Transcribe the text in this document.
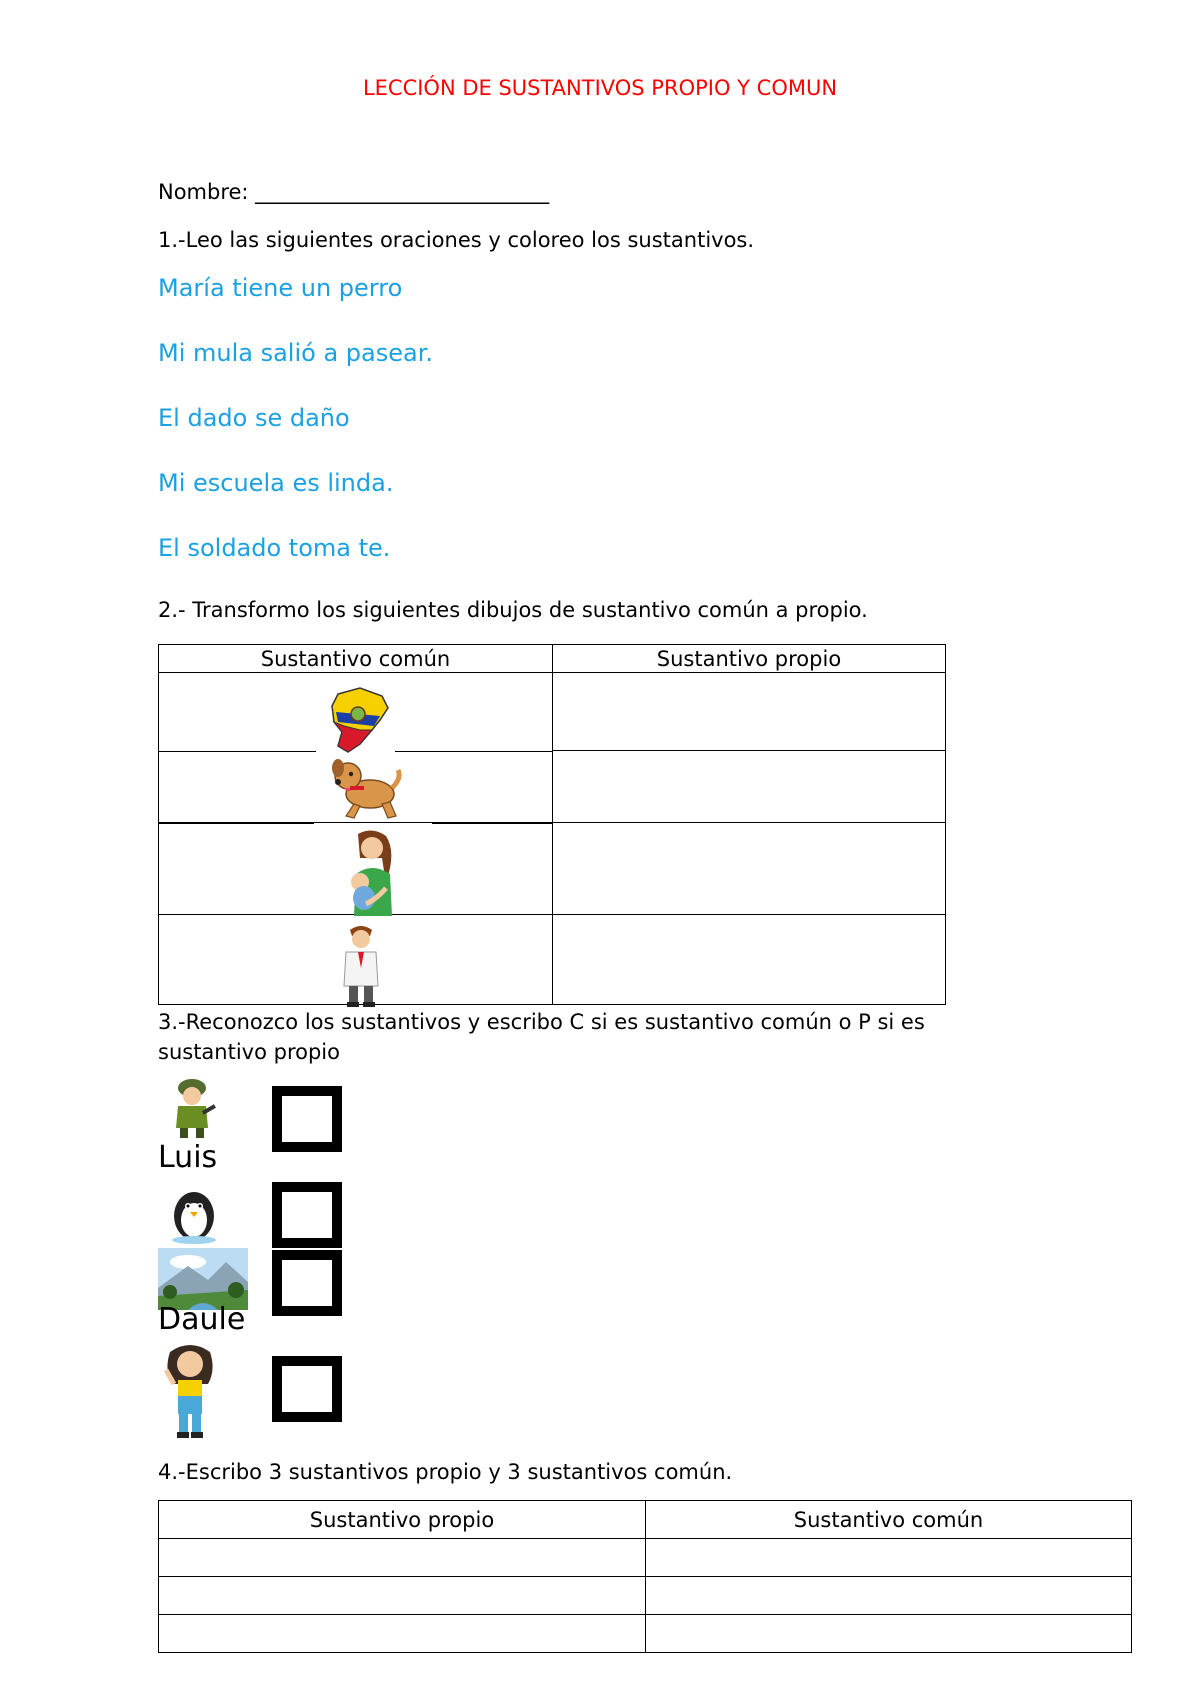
LECCIÓN DE SUSTANTIVOS PROPIO Y COMUN
Nombre: ____________________________
1.-Leo las siguientes oraciones y coloreo los sustantivos.
María tiene un perro
Mi mula salió a pasear.
El dado se daño
Mi escuela es linda.
El soldado toma te.
2.- Transformo los siguientes dibujos de sustantivo común a propio.
Sustantivo común	Sustantivo propio

3.-Reconozco los sustantivos y escribo C si es sustantivo común o P si es
sustantivo propio
Luis
Daule
4.-Escribo 3 sustantivos propio y 3 sustantivos común.
Sustantivo propio	Sustantivo común
